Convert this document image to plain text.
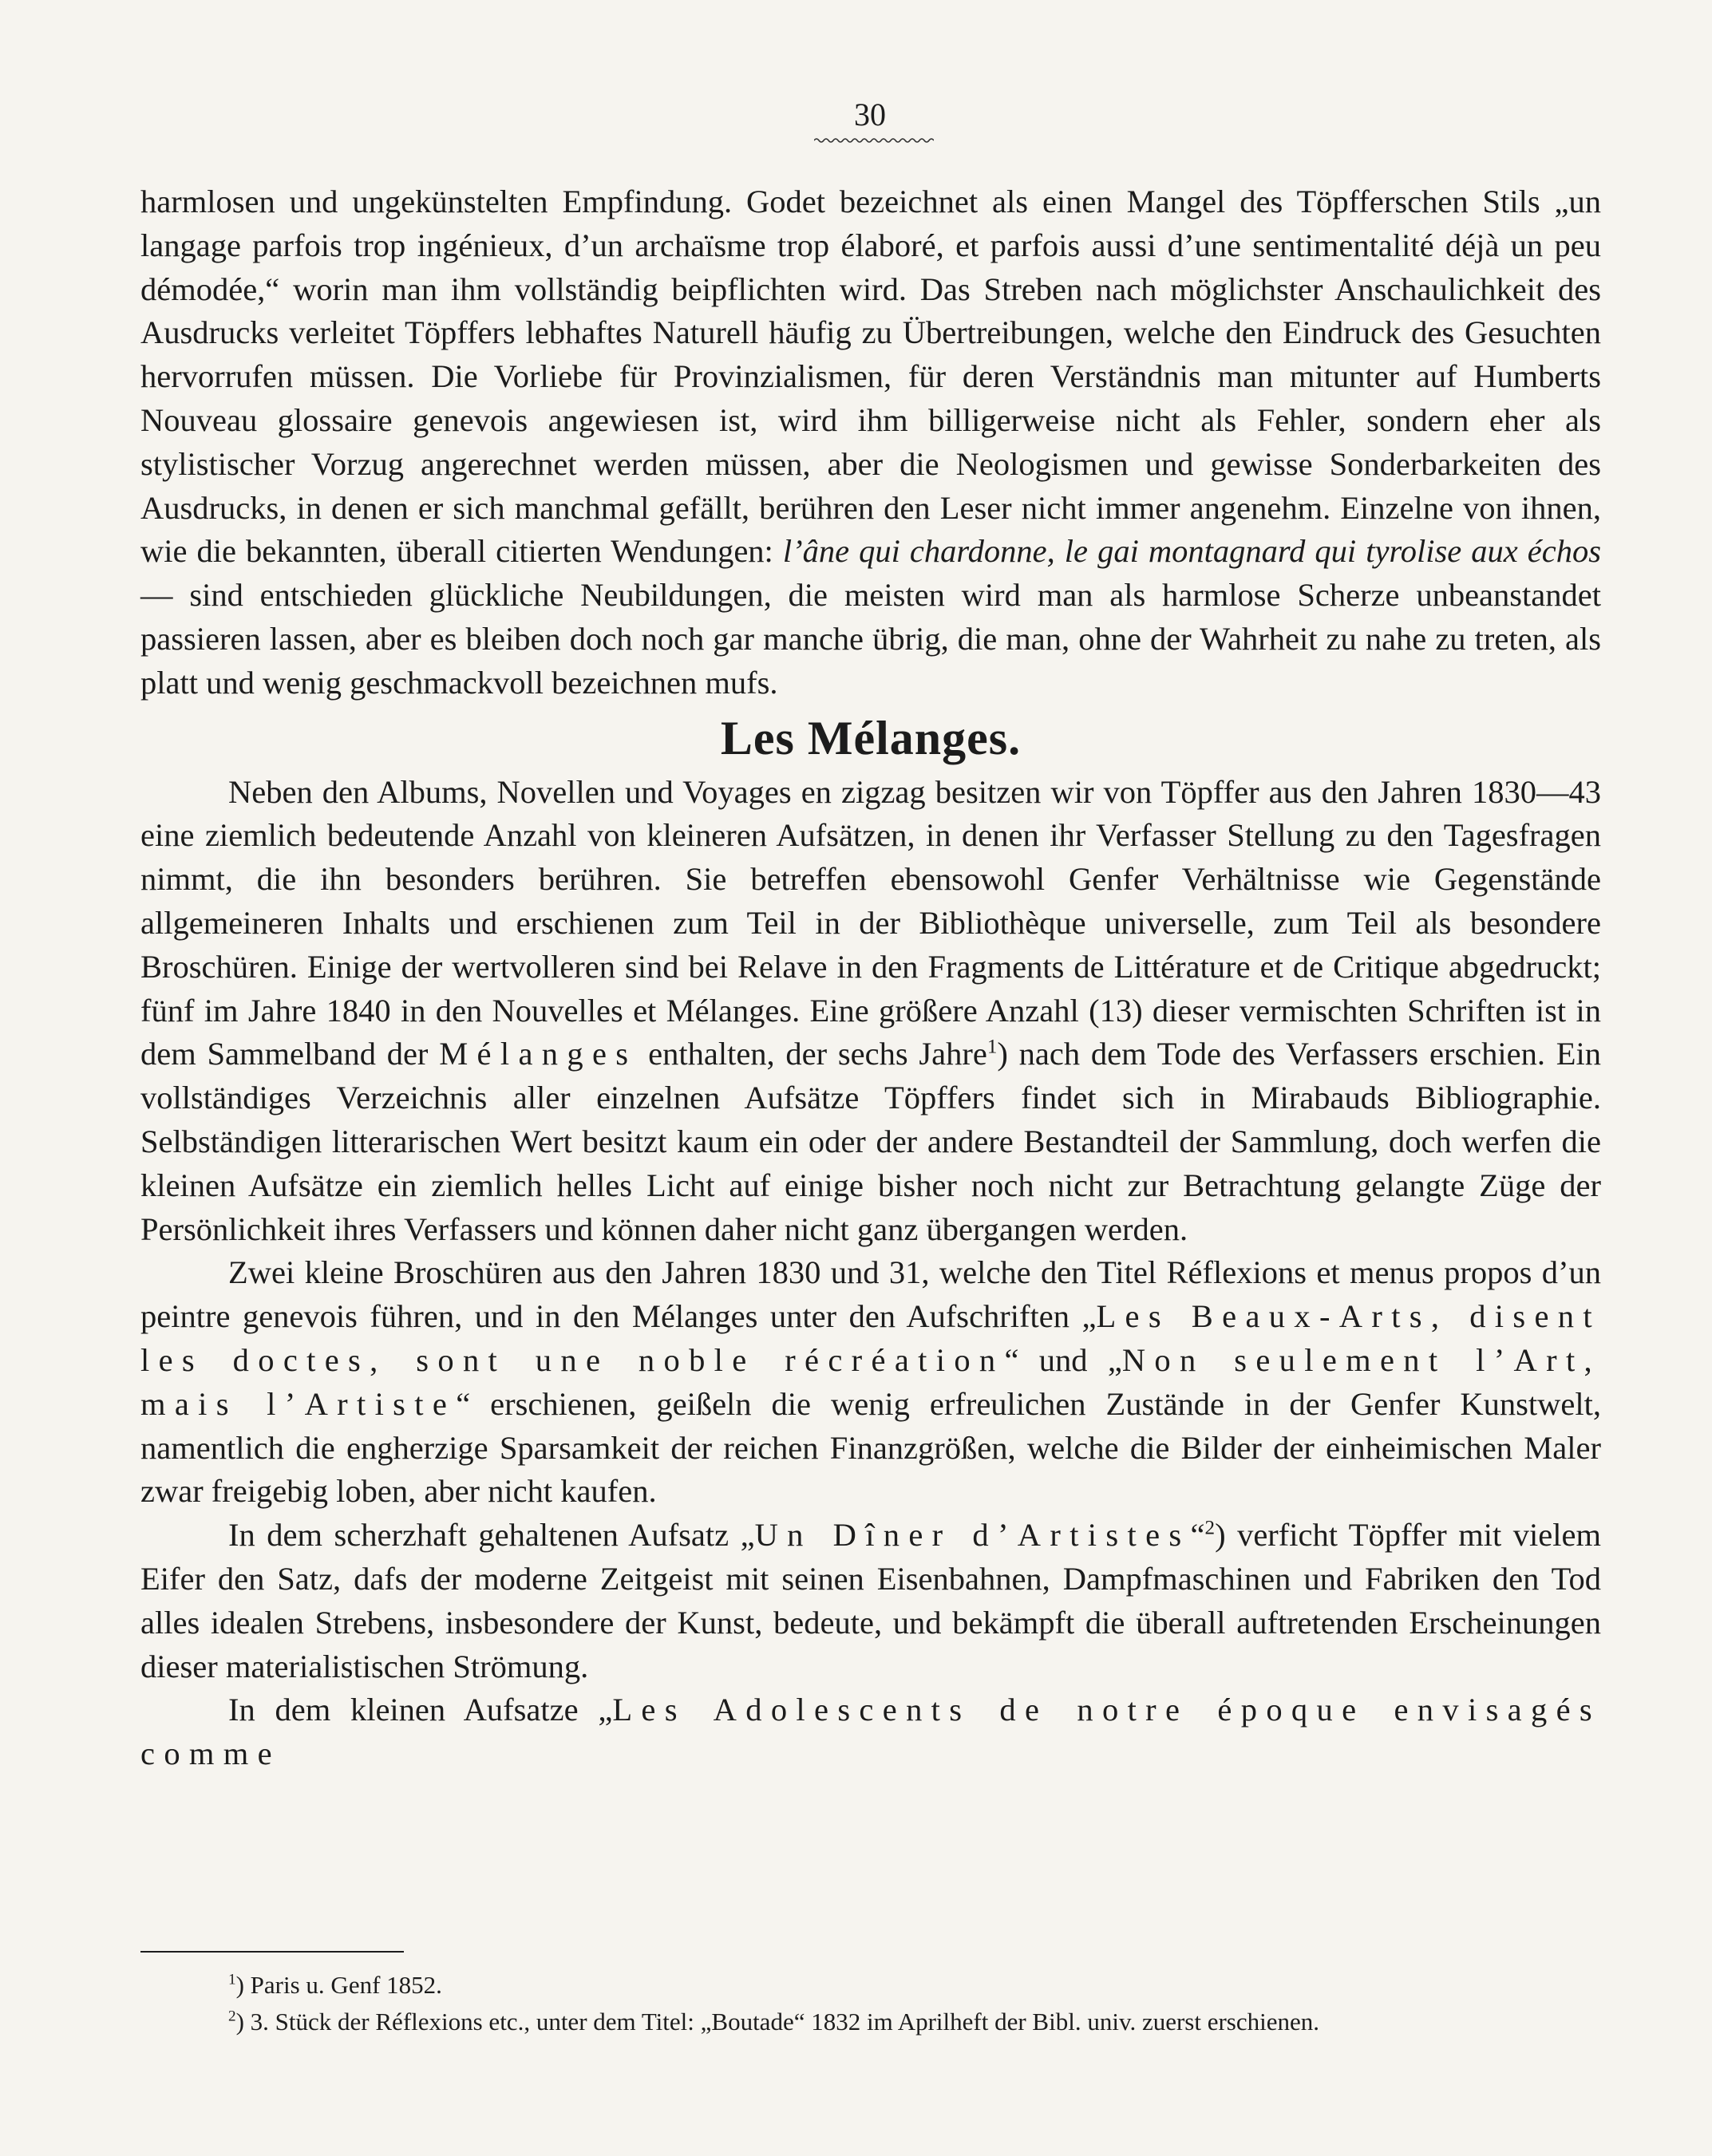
30

harmlosen und ungekünstelten Empfindung. Godet bezeichnet als einen Mangel des Töpfferschen Stils „un langage parfois trop ingénieux, d’un archaïsme trop élaboré, et parfois aussi d’une sentimentalité déjà un peu démodée,“ worin man ihm vollständig beipflichten wird. Das Streben nach möglichster Anschaulichkeit des Ausdrucks verleitet Töpffers lebhaftes Naturell häufig zu Übertreibungen, welche den Eindruck des Gesuchten hervorrufen müssen. Die Vorliebe für Provinzialismen, für deren Verständnis man mitunter auf Humberts Nouveau glossaire genevois angewiesen ist, wird ihm billigerweise nicht als Fehler, sondern eher als stylistischer Vorzug angerechnet werden müssen, aber die Neologismen und gewisse Sonderbarkeiten des Ausdrucks, in denen er sich manchmal gefällt, berühren den Leser nicht immer angenehm. Einzelne von ihnen, wie die bekannten, überall citierten Wendungen: l’âne qui chardonne, le gai montagnard qui tyrolise aux échos — sind entschieden glückliche Neubildungen, die meisten wird man als harmlose Scherze unbeanstandet passieren lassen, aber es bleiben doch noch gar manche übrig, die man, ohne der Wahrheit zu nahe zu treten, als platt und wenig geschmackvoll bezeichnen mufs.

Les Mélanges.

Neben den Albums, Novellen und Voyages en zigzag besitzen wir von Töpffer aus den Jahren 1830—43 eine ziemlich bedeutende Anzahl von kleineren Aufsätzen, in denen ihr Verfasser Stellung zu den Tagesfragen nimmt, die ihn besonders berühren. Sie betreffen ebensowohl Genfer Verhältnisse wie Gegenstände allgemeineren Inhalts und erschienen zum Teil in der Bibliothèque universelle, zum Teil als besondere Broschüren. Einige der wertvolleren sind bei Relave in den Fragments de Littérature et de Critique abgedruckt; fünf im Jahre 1840 in den Nouvelles et Mélanges. Eine größere Anzahl (13) dieser vermischten Schriften ist in dem Sammelband der Mélanges enthalten, der sechs Jahre$^1$) nach dem Tode des Verfassers erschien. Ein vollständiges Verzeichnis aller einzelnen Aufsätze Töpffers findet sich in Mirabauds Bibliographie. Selbständigen litterarischen Wert besitzt kaum ein oder der andere Bestandteil der Sammlung, doch werfen die kleinen Aufsätze ein ziemlich helles Licht auf einige bisher noch nicht zur Betrachtung gelangte Züge der Persönlichkeit ihres Verfassers und können daher nicht ganz übergangen werden.

Zwei kleine Broschüren aus den Jahren 1830 und 31, welche den Titel Réflexions et menus propos d’un peintre genevois führen, und in den Mélanges unter den Aufschriften „Les Beaux-Arts, disent les doctes, sont une noble récréation“ und „Non seulement l’Art, mais l’Artiste“ erschienen, geißeln die wenig erfreulichen Zustände in der Genfer Kunstwelt, namentlich die engherzige Sparsamkeit der reichen Finanzgrößen, welche die Bilder der einheimischen Maler zwar freigebig loben, aber nicht kaufen.

In dem scherzhaft gehaltenen Aufsatz „Un Dîner d’Artistes“$^2$) verficht Töpffer mit vielem Eifer den Satz, dafs der moderne Zeitgeist mit seinen Eisenbahnen, Dampfmaschinen und Fabriken den Tod alles idealen Strebens, insbesondere der Kunst, bedeute, und bekämpft die überall auftretenden Erscheinungen dieser materialistischen Strömung.

In dem kleinen Aufsatze „Les Adolescents de notre époque envisagés comme

$^1$) Paris u. Genf 1852.

$^2$) 3. Stück der Réflexions etc., unter dem Titel: „Boutade“ 1832 im Aprilheft der Bibl. univ. zuerst erschienen.
